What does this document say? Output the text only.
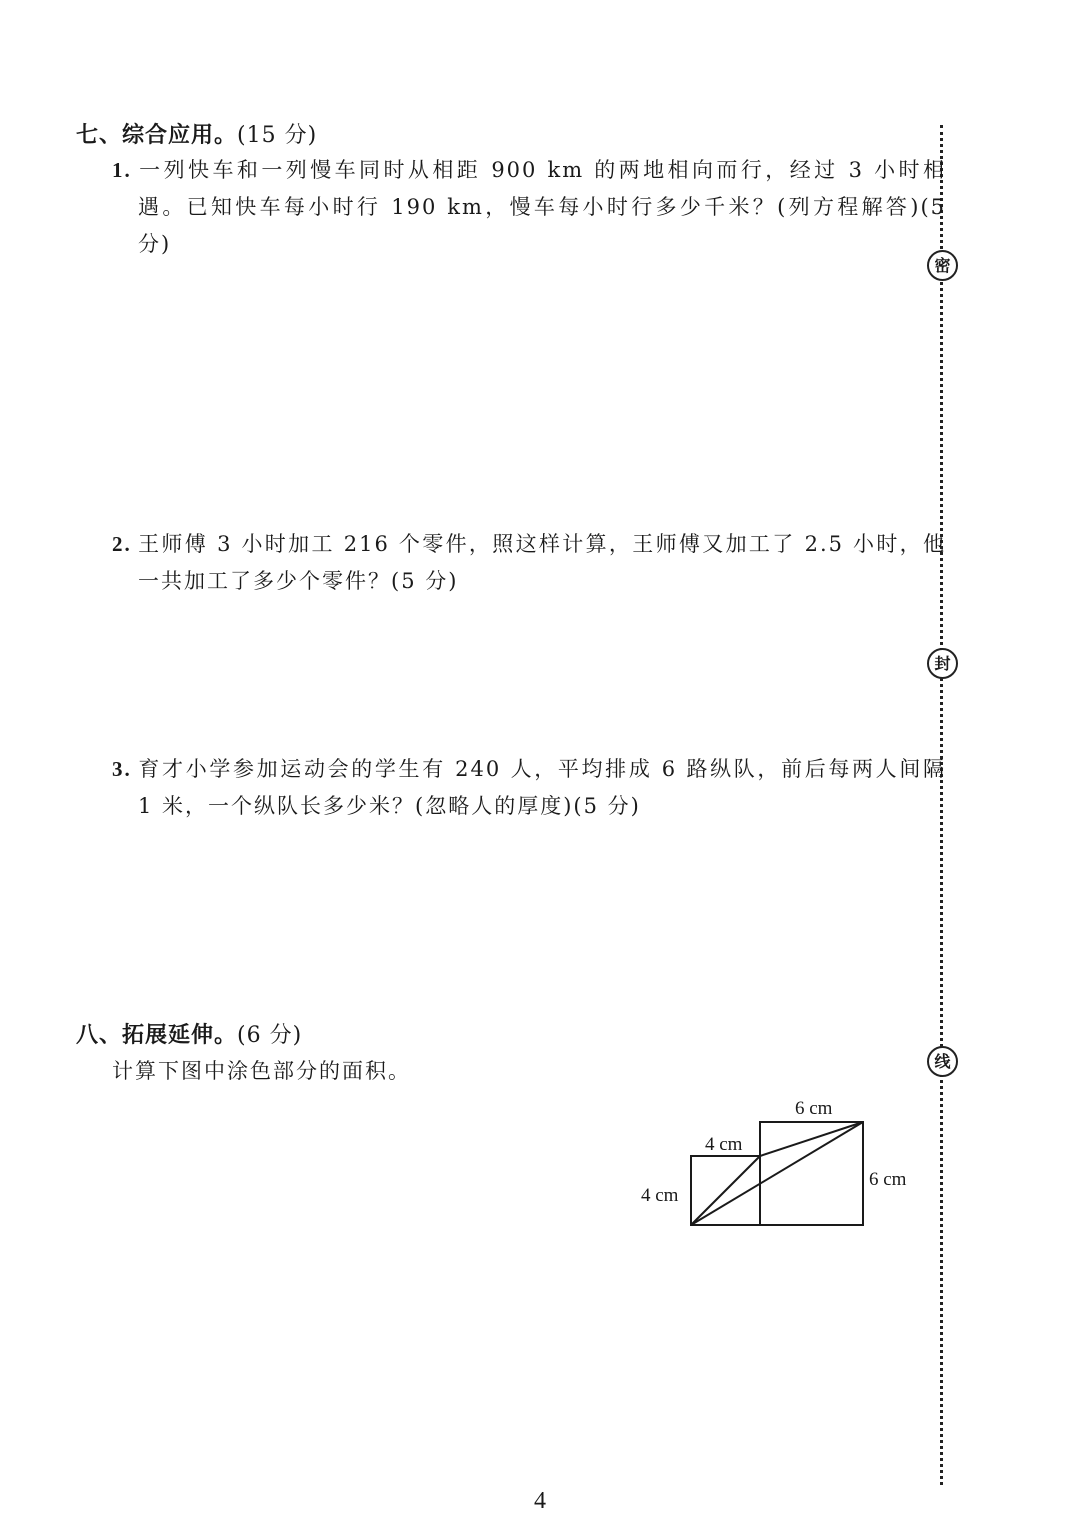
密
封
线
七、综合应用。(15 分)
1. 一列快车和一列慢车同时从相距 900 km 的两地相向而行，经过 3 小时相遇。已知快车每小时行 190 km，慢车每小时行多少千米？(列方程解答)(5 分)
2. 王师傅 3 小时加工 216 个零件，照这样计算，王师傅又加工了 2.5 小时，他一共加工了多少个零件？(5 分)
3. 育才小学参加运动会的学生有 240 人，平均排成 6 路纵队，前后每两人间隔 1 米，一个纵队长多少米？(忽略人的厚度)(5 分)
八、拓展延伸。(6 分)
计算下图中涂色部分的面积。
6 cm
4 cm
4 cm
6 cm
4
